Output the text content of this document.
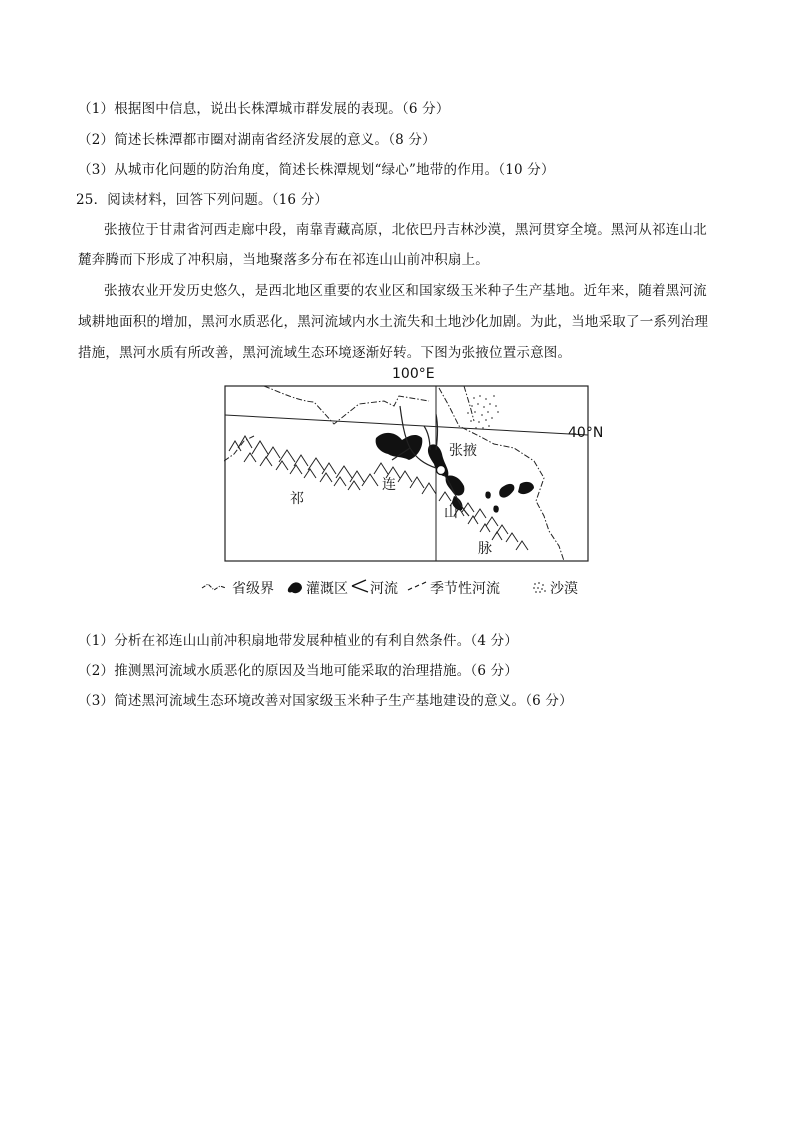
（1）根据图中信息，说出长株潭城市群发展的表现。（6 分）
（2）简述长株潭都市圈对湖南省经济发展的意义。（8 分）
（3）从城市化问题的防治角度，简述长株潭规划“绿心”地带的作用。（10 分）
25．阅读材料，回答下列问题。（16 分）
张掖位于甘肃省河西走廊中段，南靠青藏高原，北依巴丹吉林沙漠，黑河贯穿全境。黑河从祁连山北
麓奔腾而下形成了冲积扇，当地聚落多分布在祁连山山前冲积扇上。
张掖农业开发历史悠久，是西北地区重要的农业区和国家级玉米种子生产基地。近年来，随着黑河流
域耕地面积的增加，黑河水质恶化，黑河流域内水土流失和土地沙化加剧。为此，当地采取了一系列治理
措施，黑河水质有所改善，黑河流域生态环境逐渐好转。下图为张掖位置示意图。
100°E
40°N
张掖
祁
连
山
脉
省级界 灌溉区 河流 季节性河流	沙漠
（1）分析在祁连山山前冲积扇地带发展种植业的有利自然条件。（4 分）
（2）推测黑河流域水质恶化的原因及当地可能采取的治理措施。（6 分）
（3）简述黑河流域生态环境改善对国家级玉米种子生产基地建设的意义。（6 分）
